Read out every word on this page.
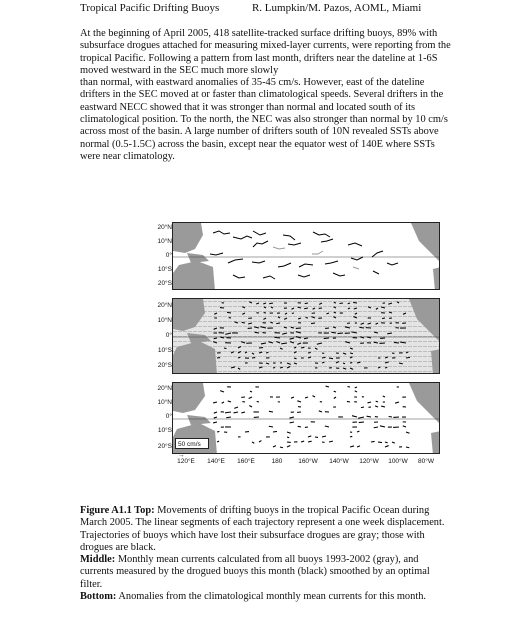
Tropical Pacific Drifting Buoys	R. Lumpkin/M. Pazos, AOML, Miami

At the beginning of April 2005, 418 satellite-tracked surface drifting buoys, 89% with
subsurface drogues attached for measuring mixed-layer currents, were reporting from the
tropical Pacific. Following a pattern from last month, drifters near the dateline at 1-6S
moved westward in the SEC much more slowly
than normal, with eastward anomalies of 35-45 cm/s. However, east of the dateline
drifters in the SEC moved at or faster than climatological speeds. Several drifters in the
eastward NECC showed that it was stronger than normal and located south of its
climatological position. To the north, the NEC was also stronger than normal by 10 cm/s
across most of the basin. A large number of drifters south of 10N revealed SSTs above
normal (0.5-1.5C) across the basin, except near the equator west of 140E where SSTs
were near climatology.

20°N
10°N
0°
10°S
20°S
20°N
10°N
0°
10°S
20°S
20°N
10°N
0°
10°S
20°S 50 cm/s →
120°E 140°E 160°E	180 160°W 140°W 120°W 100°W 80°W

Figure A1.1 Top: Movements of drifting buoys in the tropical Pacific Ocean during
March 2005. The linear segments of each trajectory represent a one week displacement.
Trajectories of buoys which have lost their subsurface drogues are gray; those with
drogues are black.
Middle: Monthly mean currents calculated from all buoys 1993-2002 (gray), and
currents measured by the drogued buoys this month (black) smoothed by an optimal
filter.
Bottom: Anomalies from the climatological monthly mean currents for this month.
